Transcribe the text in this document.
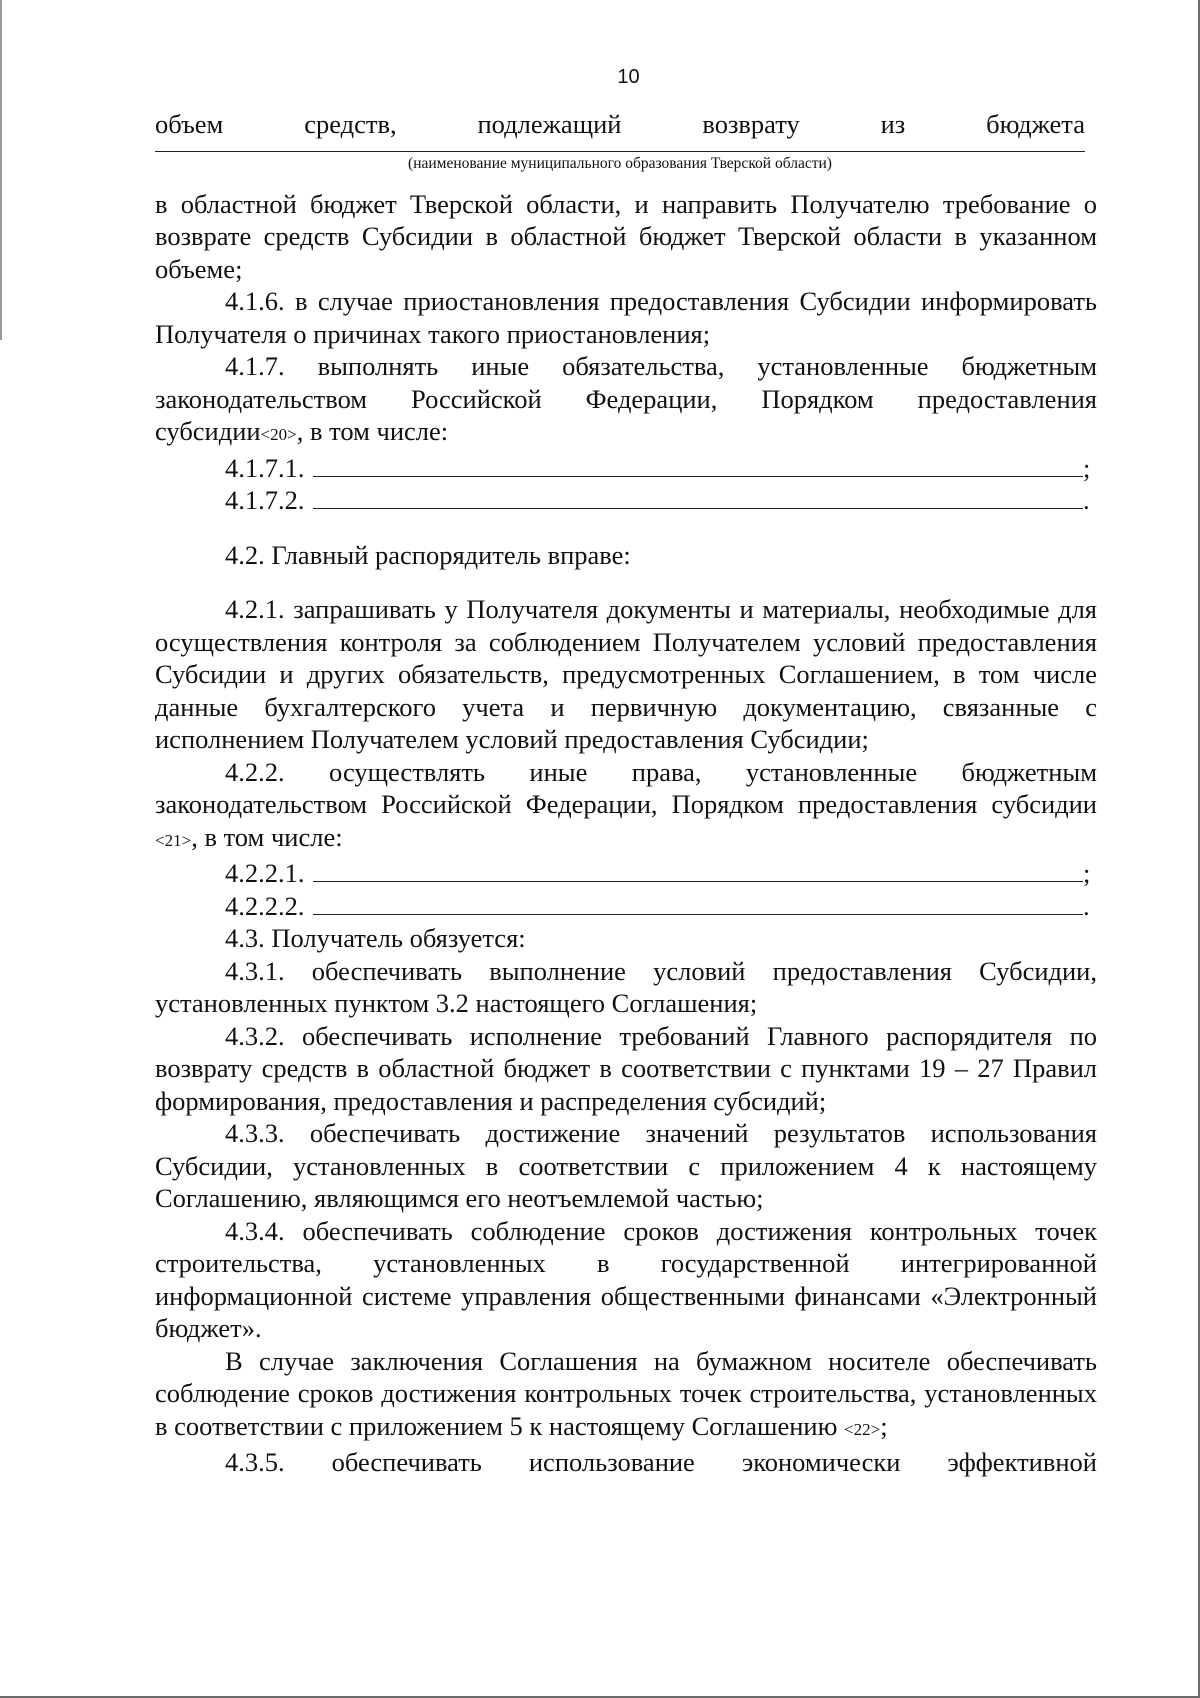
10
объем	средств,	подлежащий	возврату	из	бюджета
(наименование муниципального образования Тверской области)

в областной бюджет Тверской области, и направить Получателю требование о возврате средств Субсидии в областной бюджет Тверской области в указанном объеме;

4.1.6. в случае приостановления предоставления Субсидии информировать Получателя о причинах такого приостановления;

4.1.7. выполнять иные обязательства, установленные бюджетным законодательством Российской Федерации, Порядком предоставления субсидии<20>, в том числе:

4.1.7.1.	;
4.1.7.2.	.

4.2. Главный распорядитель вправе:

4.2.1. запрашивать у Получателя документы и материалы, необходимые для осуществления контроля за соблюдением Получателем условий предоставления Субсидии и других обязательств, предусмотренных Соглашением, в том числе данные бухгалтерского учета и первичную документацию, связанные с исполнением Получателем условий предоставления Субсидии;

4.2.2. осуществлять иные права, установленные бюджетным законодательством Российской Федерации, Порядком предоставления субсидии <21>, в том числе:

4.2.2.1.	;
4.2.2.2.	.

4.3. Получатель обязуется:

4.3.1. обеспечивать выполнение условий предоставления Субсидии, установленных пунктом 3.2 настоящего Соглашения;

4.3.2. обеспечивать исполнение требований Главного распорядителя по возврату средств в областной бюджет в соответствии с пунктами 19 – 27 Правил формирования, предоставления и распределения субсидий;

4.3.3. обеспечивать достижение значений результатов использования Субсидии, установленных в соответствии с приложением 4 к настоящему Соглашению, являющимся его неотъемлемой частью;

4.3.4. обеспечивать соблюдение сроков достижения контрольных точек строительства, установленных в государственной интегрированной информационной системе управления общественными финансами «Электронный бюджет».

В случае заключения Соглашения на бумажном носителе обеспечивать соблюдение сроков достижения контрольных точек строительства, установленных в соответствии с приложением 5 к настоящему Соглашению <22>;

4.3.5. обеспечивать использование экономически эффективной
